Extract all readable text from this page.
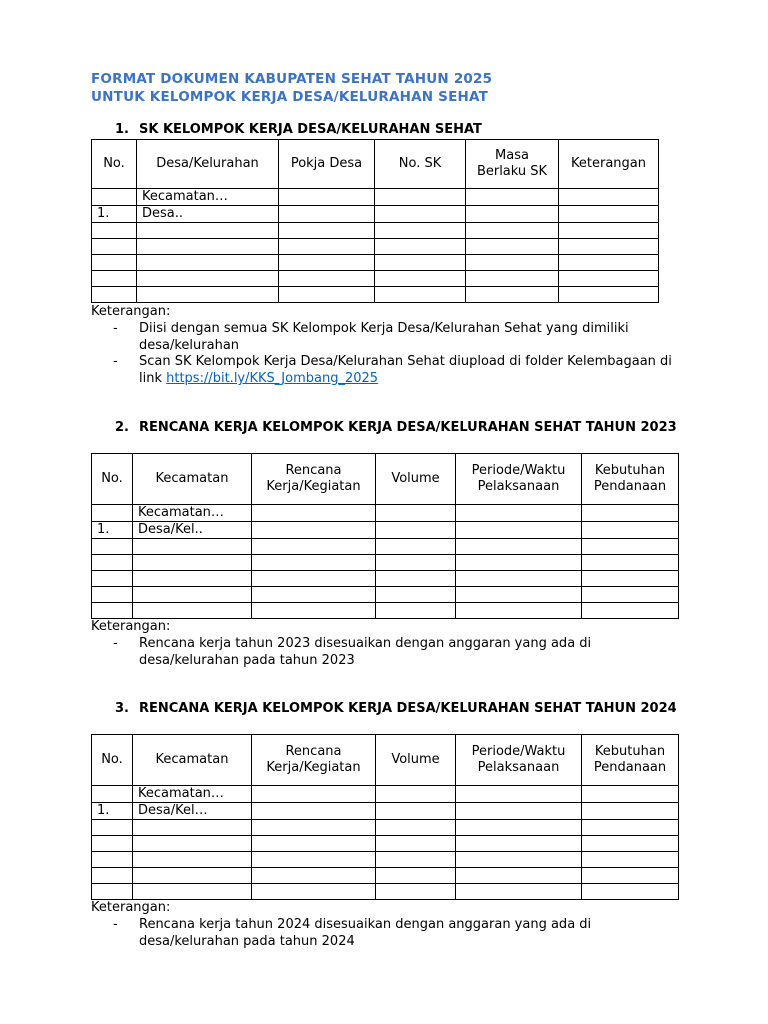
FORMAT DOKUMEN KABUPATEN SEHAT TAHUN 2025
UNTUK KELOMPOK KERJA DESA/KELURAHAN SEHAT
1. SK KELOMPOK KERJA DESA/KELURAHAN SEHAT
No.	Desa/Kelurahan	Pokja Desa	No. SK	Masa Berlaku SK	Keterangan
	Kecamatan…				
1.	Desa..				

Keterangan:
- Diisi dengan semua SK Kelompok Kerja Desa/Kelurahan Sehat yang dimiliki desa/kelurahan
- Scan SK Kelompok Kerja Desa/Kelurahan Sehat diupload di folder Kelembagaan di link https://bit.ly/KKS_Jombang_2025
2. RENCANA KERJA KELOMPOK KERJA DESA/KELURAHAN SEHAT TAHUN 2023
No.	Kecamatan	Rencana Kerja/Kegiatan	Volume	Periode/Waktu Pelaksanaan	Kebutuhan Pendanaan
	Kecamatan…				
1.	Desa/Kel..				

Keterangan:
- Rencana kerja tahun 2023 disesuaikan dengan anggaran yang ada di desa/kelurahan pada tahun 2023
3. RENCANA KERJA KELOMPOK KERJA DESA/KELURAHAN SEHAT TAHUN 2024
No.	Kecamatan	Rencana Kerja/Kegiatan	Volume	Periode/Waktu Pelaksanaan	Kebutuhan Pendanaan
	Kecamatan…				
1.	Desa/Kel…				

Keterangan:
- Rencana kerja tahun 2024 disesuaikan dengan anggaran yang ada di desa/kelurahan pada tahun 2024
